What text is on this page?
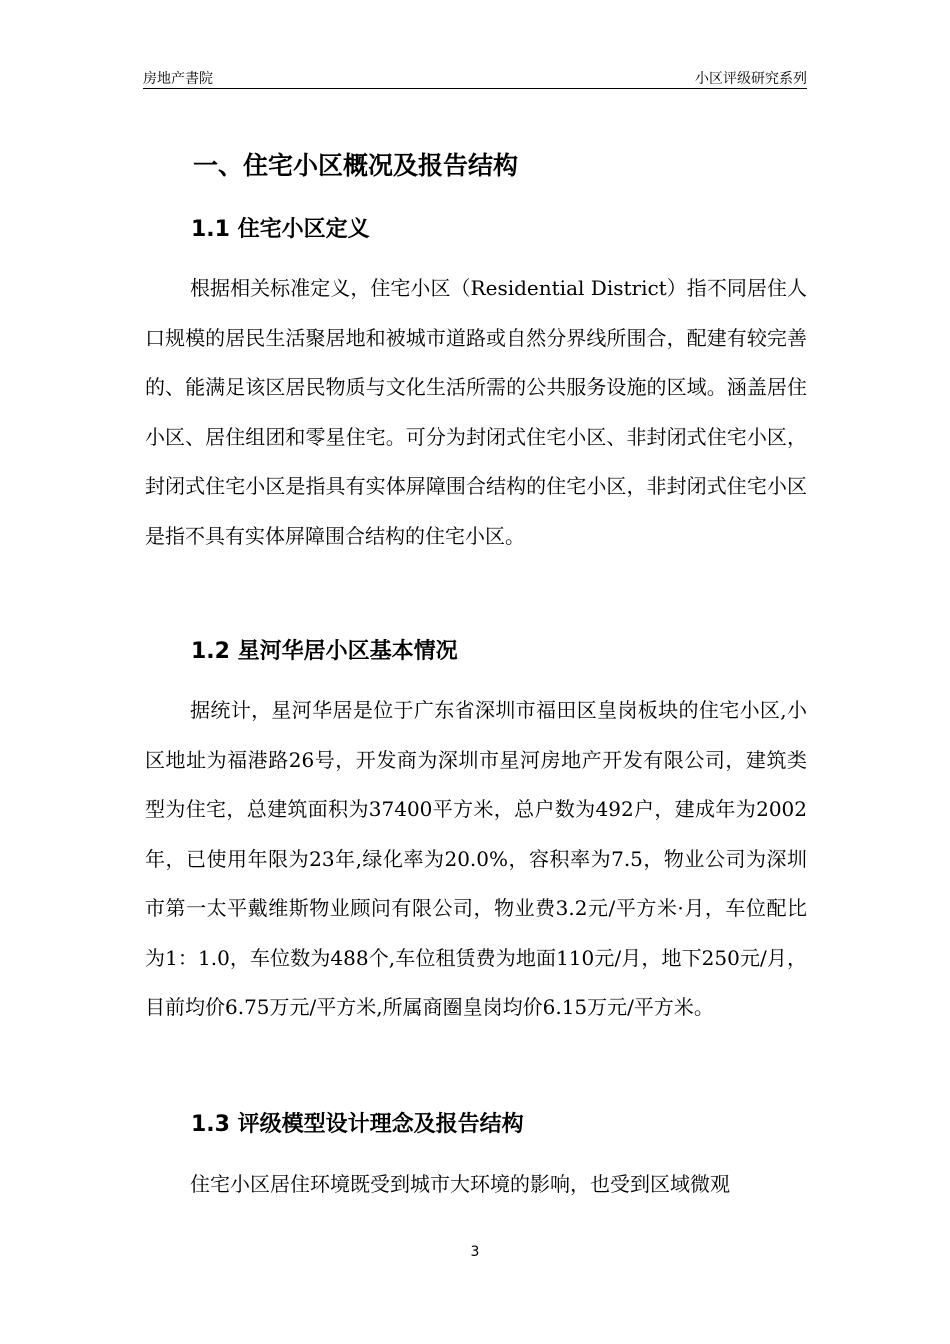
房地产書院	小区评级研究系列
一、住宅小区概况及报告结构
1.1 住宅小区定义

根据相关标准定义，住宅小区（Residential District）指不同居住人口规模的居民生活聚居地和被城市道路或自然分界线所围合，配建有较完善的、能满足该区居民物质与文化生活所需的公共服务设施的区域。涵盖居住小区、居住组团和零星住宅。可分为封闭式住宅小区、非封闭式住宅小区，封闭式住宅小区是指具有实体屏障围合结构的住宅小区，非封闭式住宅小区是指不具有实体屏障围合结构的住宅小区。

1.2 星河华居小区基本情况

据统计，星河华居是位于广东省深圳市福田区皇岗板块的住宅小区,小区地址为福港路26号，开发商为深圳市星河房地产开发有限公司，建筑类型为住宅，总建筑面积为37400平方米，总户数为492户，建成年为2002年，已使用年限为23年,绿化率为20.0%，容积率为7.5，物业公司为深圳市第一太平戴维斯物业顾问有限公司，物业费3.2元/平方米·月，车位配比为1：1.0，车位数为488个,车位租赁费为地面110元/月，地下250元/月，目前均价6.75万元/平方米,所属商圈皇岗均价6.15万元/平方米。

1.3 评级模型设计理念及报告结构

住宅小区居住环境既受到城市大环境的影响，也受到区域微观

3
